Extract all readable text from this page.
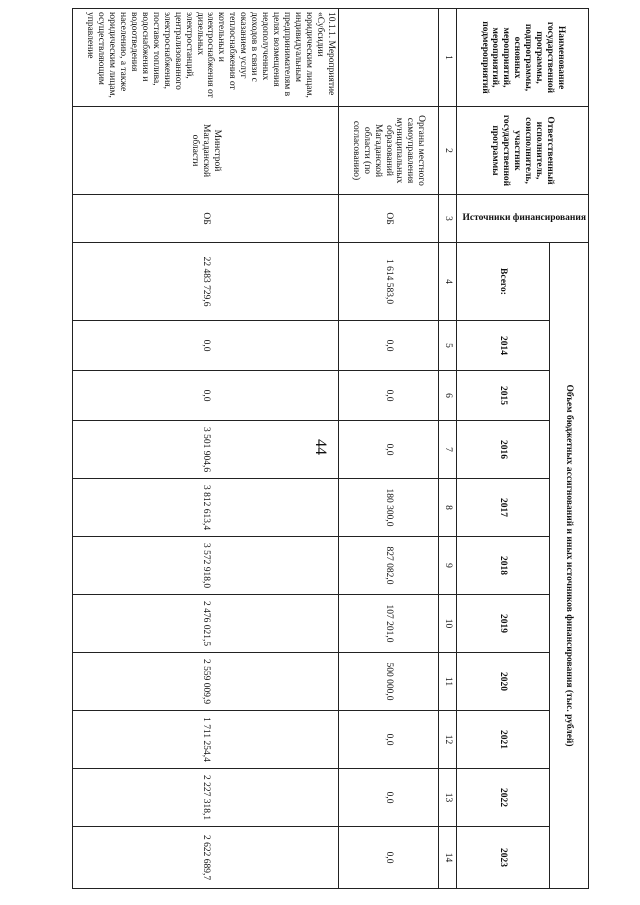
44
Наименование государственной программы, подпрограммы, основных мероприятий, мероприятий, подмероприятий	Ответственный исполнитель, соисполнитель, участник государственной программы	Источники финансирования	Объем бюджетных ассигнований и иных источников финансирования (тыс. рублей)										
			Всего:	2014	2015	2016	2017	2018	2019	2020	2021	2022	2023
1	2	3	4	5	6	7	8	9	10	11	12	13	14
	Органы местного самоуправления муниципальных образований Магаданской области (по согласованию)	ОБ	1 614 583,0	0,0	0,0	0,0	180 300,0	827 082,0	107 201,0	500 000,0	0,0	0,0	0,0
10.1.1. Мероприятие «Субсидии юридическим лицам, индивидуальным предпринимателям в целях возмещения недополученных доходов в связи с оказанием услуг теплоснабжения от котельных и электроснабжения от дизельных электростанций, централизованного электроснабжения, поставок топлива, водоснабжения и водоотведения населению, а также юридическим лицам, осуществляющим управление	Минстрой Магаданской области	ОБ	22 483 729,6	0,0	0,0	3 501 904,6	3 812 613,4	3 572 918,0	2 476 021,5	2 559 009,9	1 711 254,4	2 227 318,1	2 622 689,7
